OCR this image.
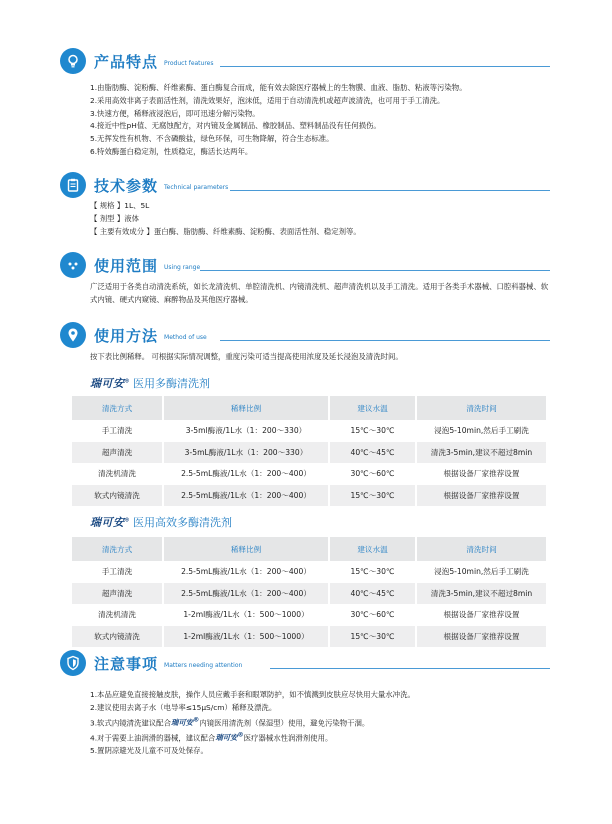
产品特点 Product features
1.由脂肪酶、淀粉酶、纤维素酶、蛋白酶复合而成，能有效去除医疗器械上的生物膜、血液、脂肪、粘液等污染物。
2.采用高效非离子表面活性剂，清洗效果好，泡沫低，适用于自动清洗机或超声波清洗，也可用于手工清洗。
3.快速方便，稀释液浸泡后，即可迅速分解污染物。
4.接近中性pH值、无腐蚀配方，对内镜及金属制品、橡胶制品、塑料制品没有任何损伤。
5.无挥发性有机物、不含磷酸盐，绿色环保，可生物降解，符合生态标准。
6.特效酶蛋白稳定剂，性质稳定，酶活长达两年。
技术参数 Technical parameters
【 规格 】1L、5L
【 剂型 】液体
【 主要有效成分 】蛋白酶、脂肪酶、纤维素酶、淀粉酶、表面活性剂、稳定剂等。
使用范围 Using range
广泛适用于各类自动清洗系统，如长龙清洗机、单腔清洗机、内镜清洗机、超声清洗机以及手工清洗。适用于各类手术器械、口腔科器械、软式内镜、硬式内窥镜、麻醉物品及其他医疗器械。
使用方法 Method of use
按下表比例稀释。 可根据实际情况调整，重度污染可适当提高使用浓度及延长浸泡及清洗时间。
瑞可安® 医用多酶清洗剂
清洗方式	稀释比例	建议水温	清洗时间
手工清洗	3-5ml酶液/1L水（1：200～330）	15℃～30℃	浸泡5-10min,然后手工刷洗
超声清洗	3-5mL酶液/1L水（1：200～330）	40℃～45℃	清洗3-5min,建议不超过8min
清洗机清洗	2.5-5mL酶液/1L水（1：200～400）	30℃～60℃	根据设备厂家推荐设置
软式内镜清洗	2.5-5mL酶液/1L水（1：200～400）	15℃～30℃	根据设备厂家推荐设置
瑞可安® 医用高效多酶清洗剂
清洗方式	稀释比例	建议水温	清洗时间
手工清洗	2.5-5mL酶液/1L水（1：200～400）	15℃～30℃	浸泡5-10min,然后手工刷洗
超声清洗	2.5-5mL酶液/1L水（1：200～400）	40℃～45℃	清洗3-5min,建议不超过8min
清洗机清洗	1-2ml酶液/1L水（1：500～1000）	30℃～60℃	根据设备厂家推荐设置
软式内镜清洗	1-2ml酶液/1L水（1：500～1000）	15℃～30℃	根据设备厂家推荐设置
注意事项 Matters needing attention
1.本品应避免直接接触皮肤，操作人员应戴手套和眼罩防护，如不慎溅到皮肤应尽快用大量水冲洗。
2.建议使用去离子水（电导率≤15μS/cm）稀释及漂洗。
3.软式内镜清洗建议配合瑞可安®内镜医用清洗剂（保湿型）使用，避免污染物干涸。
4.对于需要上油润滑的器械，建议配合瑞可安®医疗器械水性润滑剂使用。
5.置阴凉避光及儿童不可及处保存。
